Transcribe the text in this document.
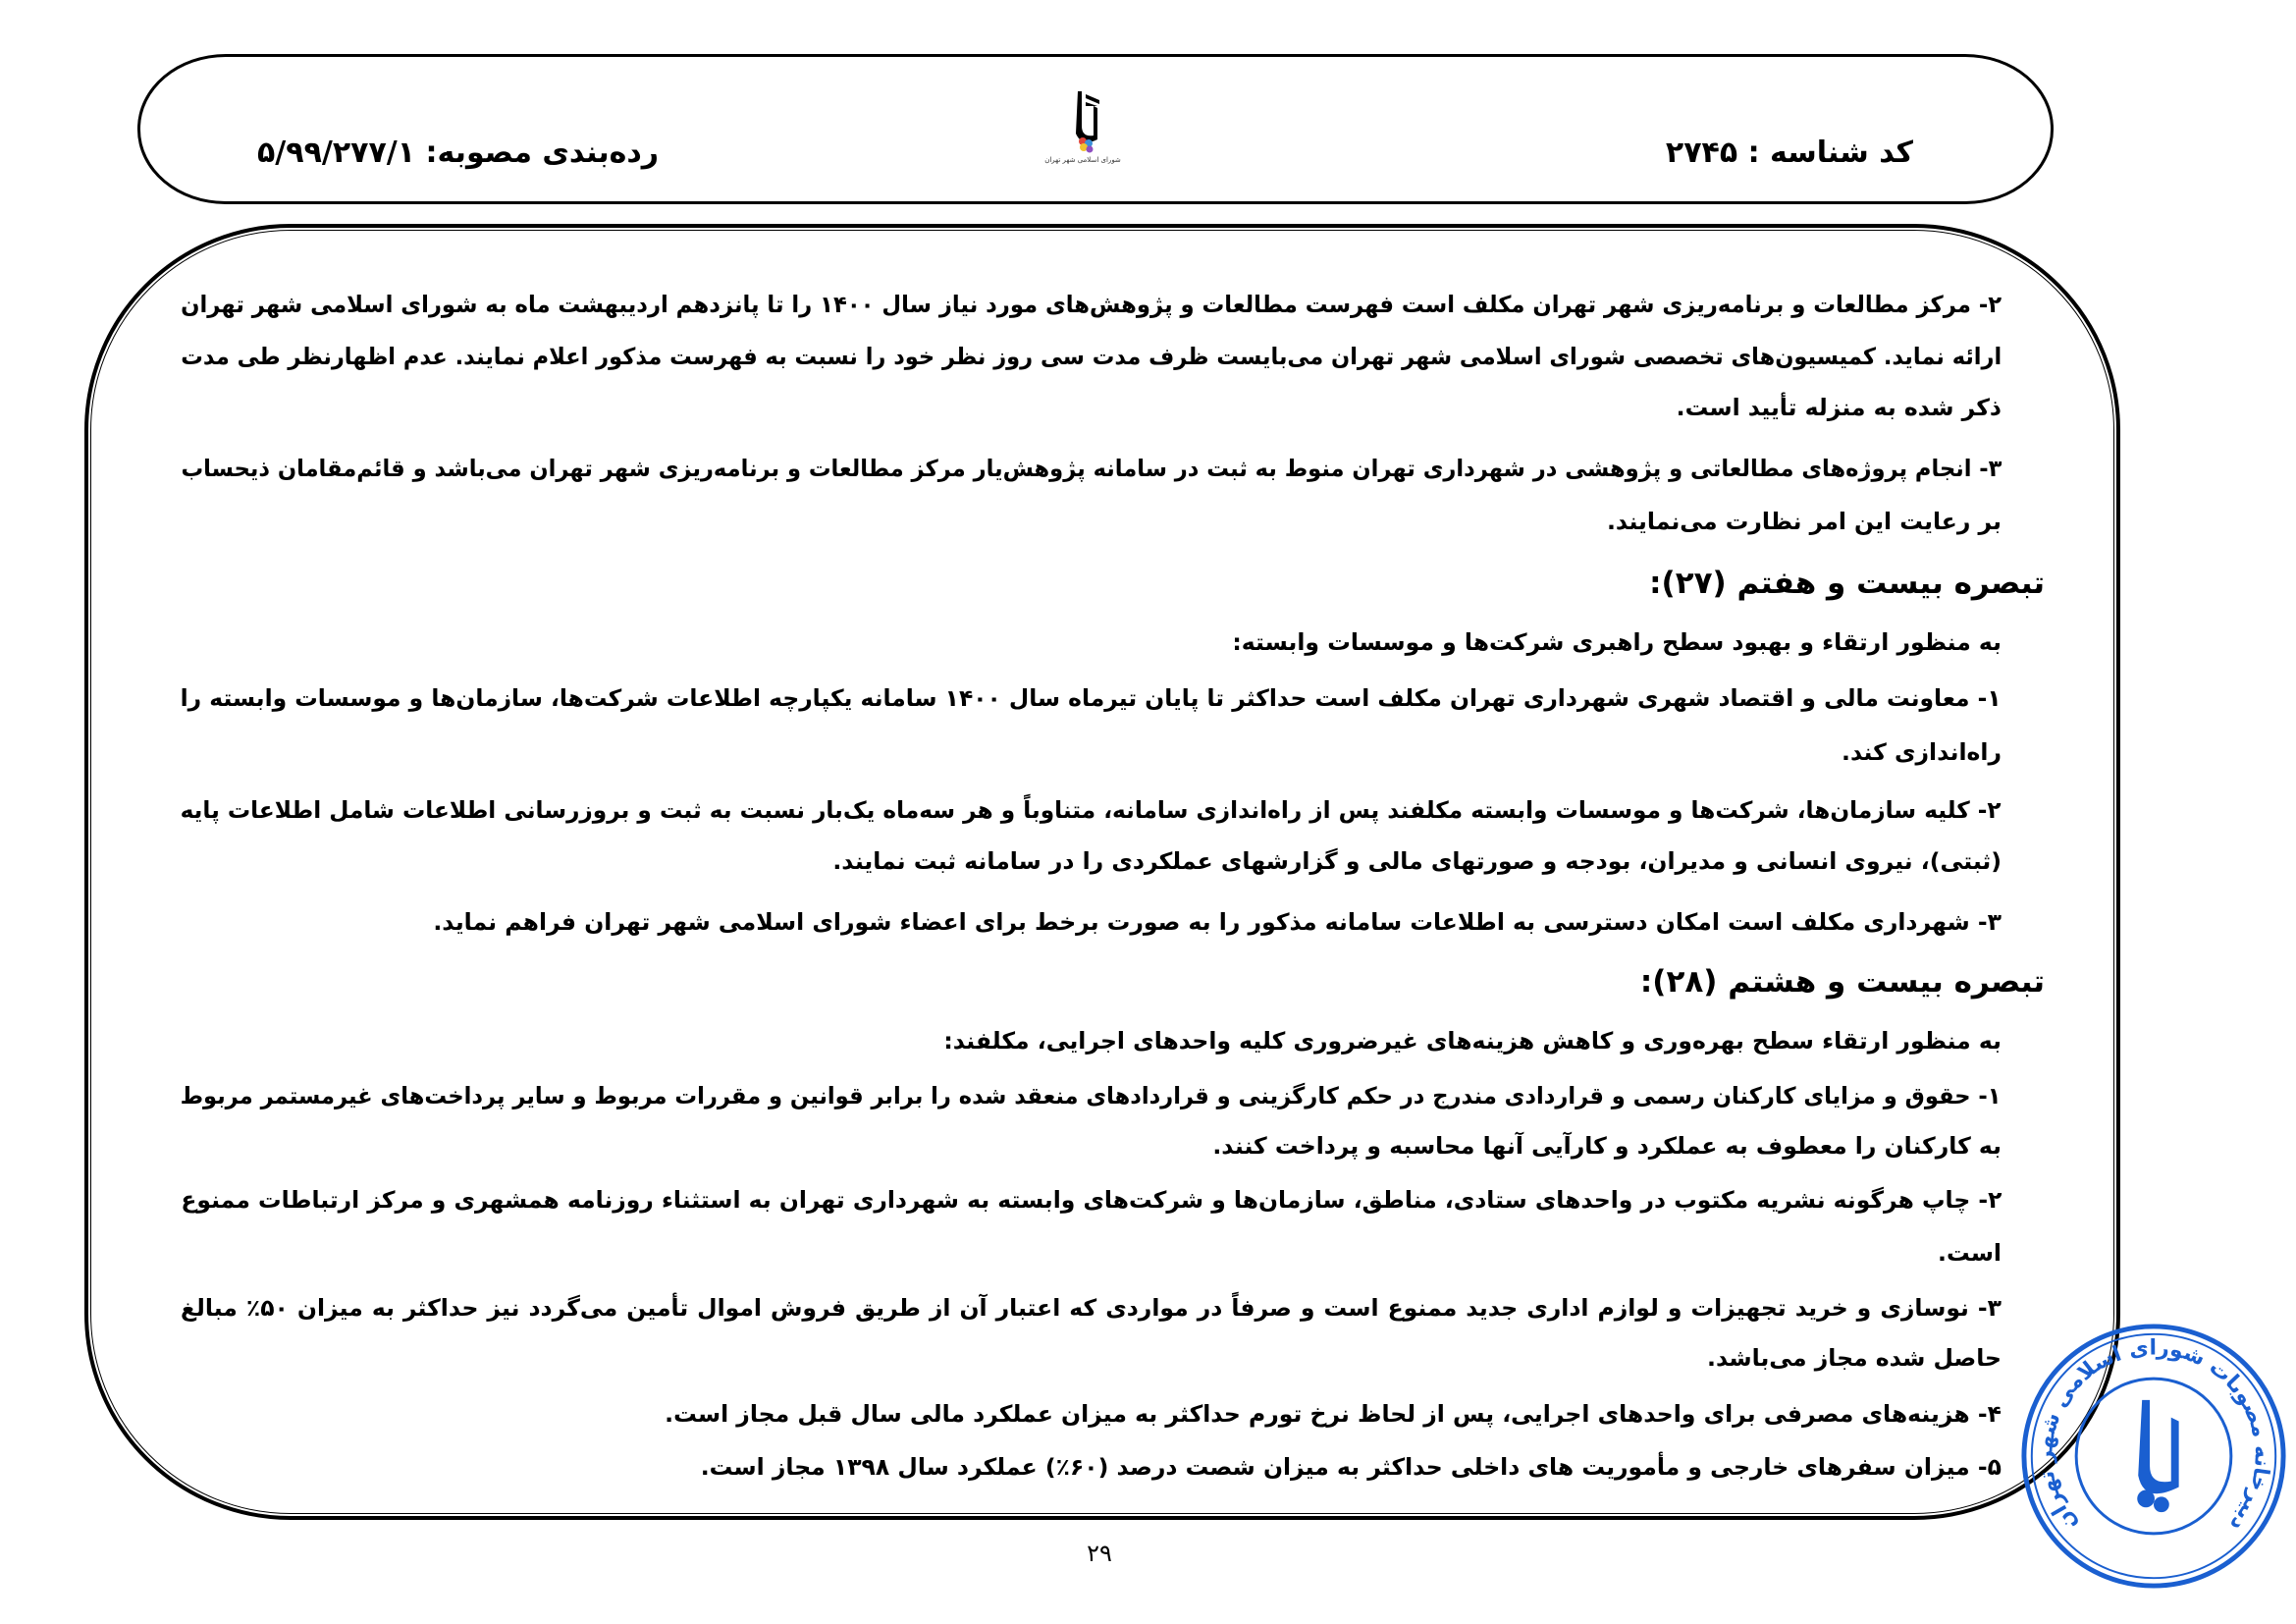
کد شناسه : ۲۷۴۵
رده‌بندی مصوبه: ۵/۹۹/۲۷۷/۱	شورای اسلامی شهر تهران
۲- مرکز مطالعات و برنامه‌ریزی شهر تهران مکلف است فهرست مطالعات و پژوهش‌های مورد نیاز سال ۱۴۰۰ را تا پانزدهم اردیبهشت ماه به شورای اسلامی شهر تهران
ارائه نماید. کمیسیون‌های تخصصی شورای اسلامی شهر تهران می‌بایست ظرف مدت سی روز نظر خود را نسبت به فهرست مذکور اعلام نمایند. عدم اظهارنظر طی مدت
ذکر شده به منزله تأیید است.
۳- انجام پروژه‌های مطالعاتی و پژوهشی در شهرداری تهران منوط به ثبت در سامانه پژوهش‌یار مرکز مطالعات و برنامه‌ریزی شهر تهران می‌باشد و قائم‌مقامان ذیحساب
بر رعایت این امر نظارت می‌نمایند.
تبصره بیست و هفتم (۲۷):
به منظور ارتقاء و بهبود سطح راهبری شرکت‌ها و موسسات وابسته:
۱- معاونت مالی و اقتصاد شهری شهرداری تهران مکلف است حداکثر تا پایان تیرماه سال ۱۴۰۰ سامانه یکپارچه اطلاعات شرکت‌ها، سازمان‌ها و موسسات وابسته را
راه‌اندازی کند.
۲- کلیه سازمان‌ها، شرکت‌ها و موسسات وابسته مکلفند پس از راه‌اندازی سامانه، متناوباً و هر سه‌ماه یک‌بار نسبت به ثبت و بروزرسانی اطلاعات شامل اطلاعات پایه
(ثبتی)، نیروی انسانی و مدیران، بودجه و صورتهای مالی و گزارشهای عملکردی را در سامانه ثبت نمایند.
۳- شهرداری مکلف است امکان دسترسی به اطلاعات سامانه مذکور را به صورت برخط برای اعضاء شورای اسلامی شهر تهران فراهم نماید.
تبصره بیست و هشتم (۲۸):
به منظور ارتقاء سطح بهره‌وری و کاهش هزینه‌های غیرضروری کلیه واحدهای اجرایی، مکلفند:
۱- حقوق و مزایای کارکنان رسمی و قراردادی مندرج در حکم کارگزینی و قراردادهای منعقد شده را برابر قوانین و مقررات مربوط و سایر پرداخت‌های غیرمستمر مربوط
به کارکنان را معطوف به عملکرد و کارآیی آنها محاسبه و پرداخت کنند.
۲- چاپ هرگونه نشریه مکتوب در واحدهای ستادی، مناطق، سازمان‌ها و شرکت‌های وابسته به شهرداری تهران به استثناء روزنامه همشهری و مرکز ارتباطات ممنوع
است.
۳- نوسازی و خرید تجهیزات و لوازم اداری جدید ممنوع است و صرفاً در مواردی که اعتبار آن از طریق فروش اموال تأمین می‌گردد نیز حداکثر به میزان ۵۰٪ مبالغ
حاصل شده مجاز می‌باشد.
۴- هزینه‌های مصرفی برای واحدهای اجرایی، پس از لحاظ نرخ تورم حداکثر به میزان عملکرد مالی سال قبل مجاز است.
۵- میزان سفرهای خارجی و مأموریت های داخلی حداکثر به میزان شصت درصد (۶۰٪) عملکرد سال ۱۳۹۸ مجاز است.
۲۹
دبیرخانه مصوبات شورای اسلامی شهر تهران
